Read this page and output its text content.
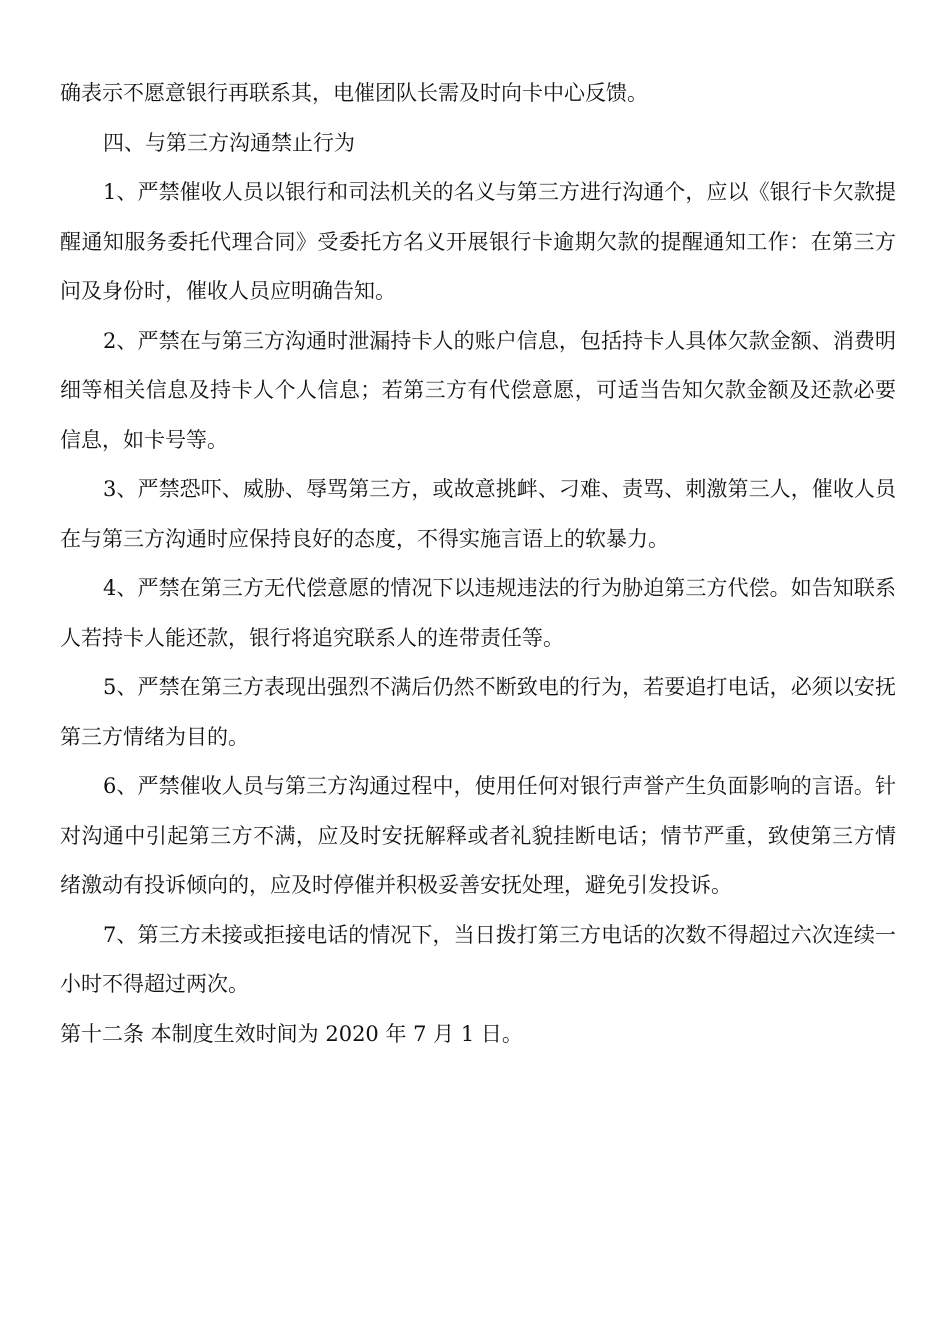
确表示不愿意银行再联系其，电催团队长需及时向卡中心反馈。

四、与第三方沟通禁止行为

1、严禁催收人员以银行和司法机关的名义与第三方进行沟通个，应以《银行卡欠款提醒通知服务委托代理合同》受委托方名义开展银行卡逾期欠款的提醒通知工作：在第三方问及身份时，催收人员应明确告知。

2、严禁在与第三方沟通时泄漏持卡人的账户信息，包括持卡人具体欠款金额、消费明细等相关信息及持卡人个人信息；若第三方有代偿意愿，可适当告知欠款金额及还款必要信息，如卡号等。

3、严禁恐吓、威胁、辱骂第三方，或故意挑衅、刁难、责骂、刺激第三人，催收人员在与第三方沟通时应保持良好的态度，不得实施言语上的软暴力。

4、严禁在第三方无代偿意愿的情况下以违规违法的行为胁迫第三方代偿。如告知联系人若持卡人能还款，银行将追究联系人的连带责任等。

5、严禁在第三方表现出强烈不满后仍然不断致电的行为，若要追打电话，必须以安抚第三方情绪为目的。

6、严禁催收人员与第三方沟通过程中，使用任何对银行声誉产生负面影响的言语。针对沟通中引起第三方不满，应及时安抚解释或者礼貌挂断电话；情节严重，致使第三方情绪激动有投诉倾向的，应及时停催并积极妥善安抚处理，避免引发投诉。

7、第三方未接或拒接电话的情况下，当日拨打第三方电话的次数不得超过六次连续一小时不得超过两次。

第十二条 本制度生效时间为 2020 年 7 月 1 日。
